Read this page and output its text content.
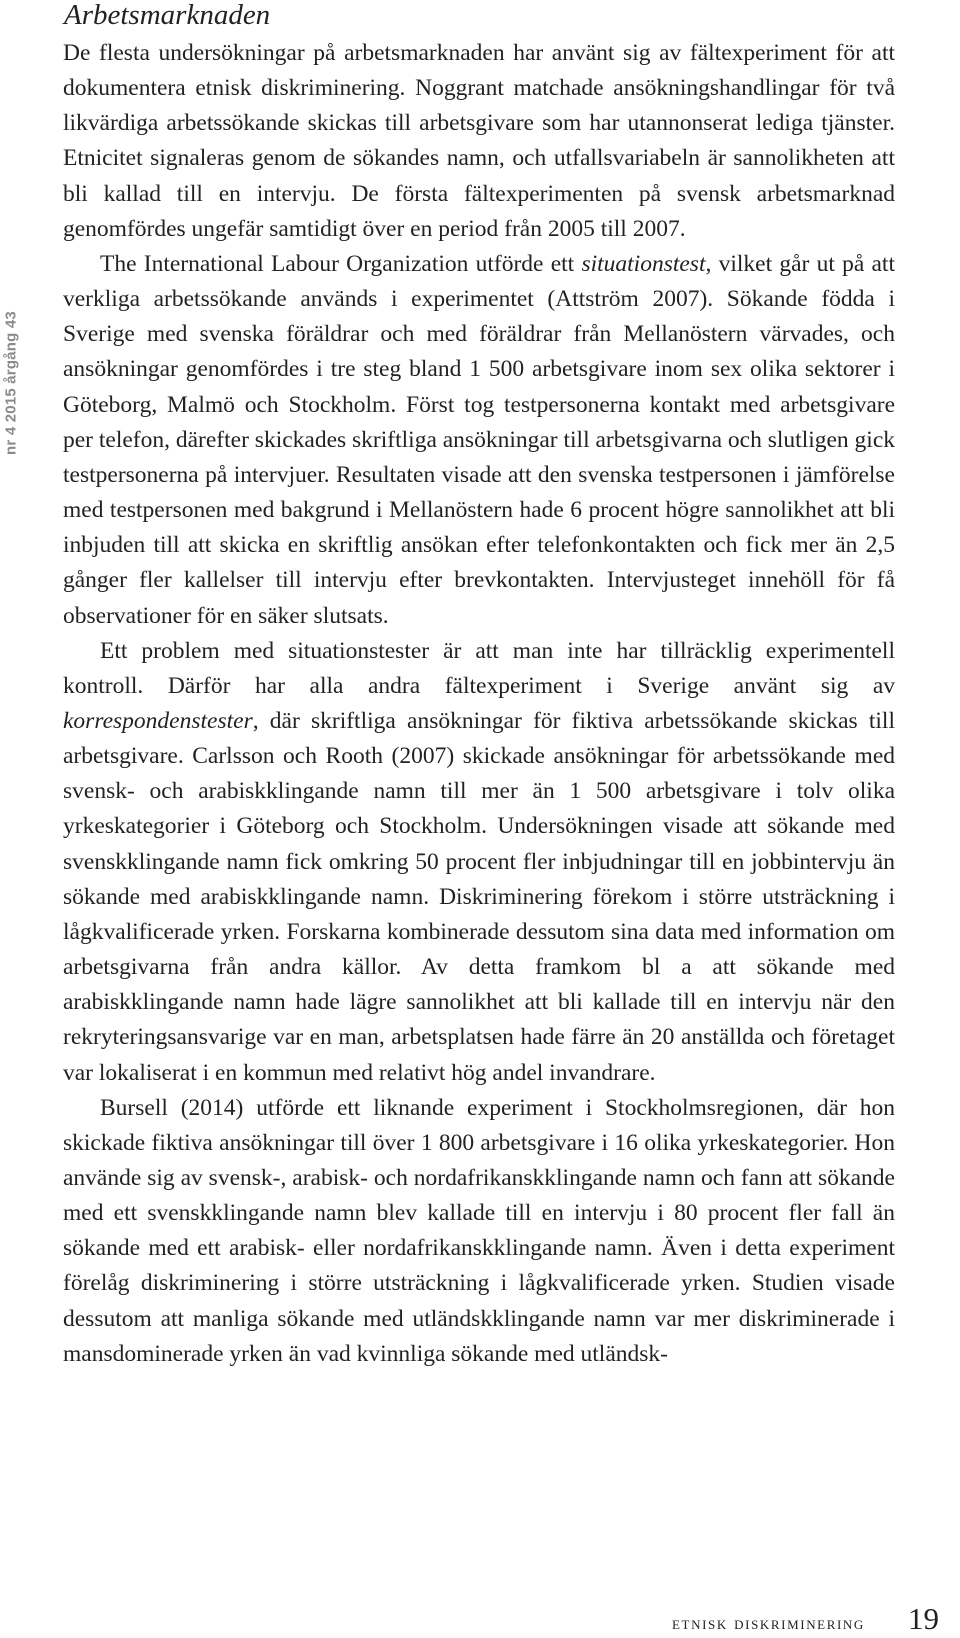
Arbetsmarknaden
nr 4 2015 årgång 43

De flesta undersökningar på arbetsmarknaden har använt sig av fältexperiment för att dokumentera etnisk diskriminering. Noggrant matchade ansökningshandlingar för två likvärdiga arbetssökande skickas till arbetsgivare som har utannonserat lediga tjänster. Etnicitet signaleras genom de sökandes namn, och utfallsvariabeln är sannolikheten att bli kallad till en intervju. De första fältexperimenten på svensk arbetsmarknad genomfördes ungefär samtidigt över en period från 2005 till 2007.

The International Labour Organization utförde ett situationstest, vilket går ut på att verkliga arbetssökande används i experimentet (Attström 2007). Sökande födda i Sverige med svenska föräldrar och med föräldrar från Mellanöstern värvades, och ansökningar genomfördes i tre steg bland 1 500 arbetsgivare inom sex olika sektorer i Göteborg, Malmö och Stockholm. Först tog testpersonerna kontakt med arbetsgivare per telefon, därefter skickades skriftliga ansökningar till arbetsgivarna och slutligen gick testpersonerna på intervjuer. Resultaten visade att den svenska testpersonen i jämförelse med testpersonen med bakgrund i Mellanöstern hade 6 procent högre sannolikhet att bli inbjuden till att skicka en skriftlig ansökan efter telefonkontakten och fick mer än 2,5 gånger fler kallelser till intervju efter brevkontakten. Intervjusteget innehöll för få observationer för en säker slutsats.

Ett problem med situationstester är att man inte har tillräcklig experimentell kontroll. Därför har alla andra fältexperiment i Sverige använt sig av korrespondenstester, där skriftliga ansökningar för fiktiva arbetssökande skickas till arbetsgivare. Carlsson och Rooth (2007) skickade ansökningar för arbetssökande med svensk- och arabiskklingande namn till mer än 1 500 arbetsgivare i tolv olika yrkeskategorier i Göteborg och Stockholm. Undersökningen visade att sökande med svenskklingande namn fick omkring 50 procent fler inbjudningar till en jobbintervju än sökande med arabiskklingande namn. Diskriminering förekom i större utsträckning i lågkvalificerade yrken. Forskarna kombinerade dessutom sina data med information om arbetsgivarna från andra källor. Av detta framkom bl a att sökande med arabiskklingande namn hade lägre sannolikhet att bli kallade till en intervju när den rekryteringsansvarige var en man, arbetsplatsen hade färre än 20 anställda och företaget var lokaliserat i en kommun med relativt hög andel invandrare.

Bursell (2014) utförde ett liknande experiment i Stockholmsregionen, där hon skickade fiktiva ansökningar till över 1 800 arbetsgivare i 16 olika yrkeskategorier. Hon använde sig av svensk-, arabisk- och nordafrikanskklingande namn och fann att sökande med ett svenskklingande namn blev kallade till en intervju i 80 procent fler fall än sökande med ett arabisk- eller nordafrikanskklingande namn. Även i detta experiment förelåg diskriminering i större utsträckning i lågkvalificerade yrken. Studien visade dessutom att manliga sökande med utländskklingande namn var mer diskriminerade i mansdominerade yrken än vad kvinnliga sökande med utländsk-

etnisk diskriminering 19
